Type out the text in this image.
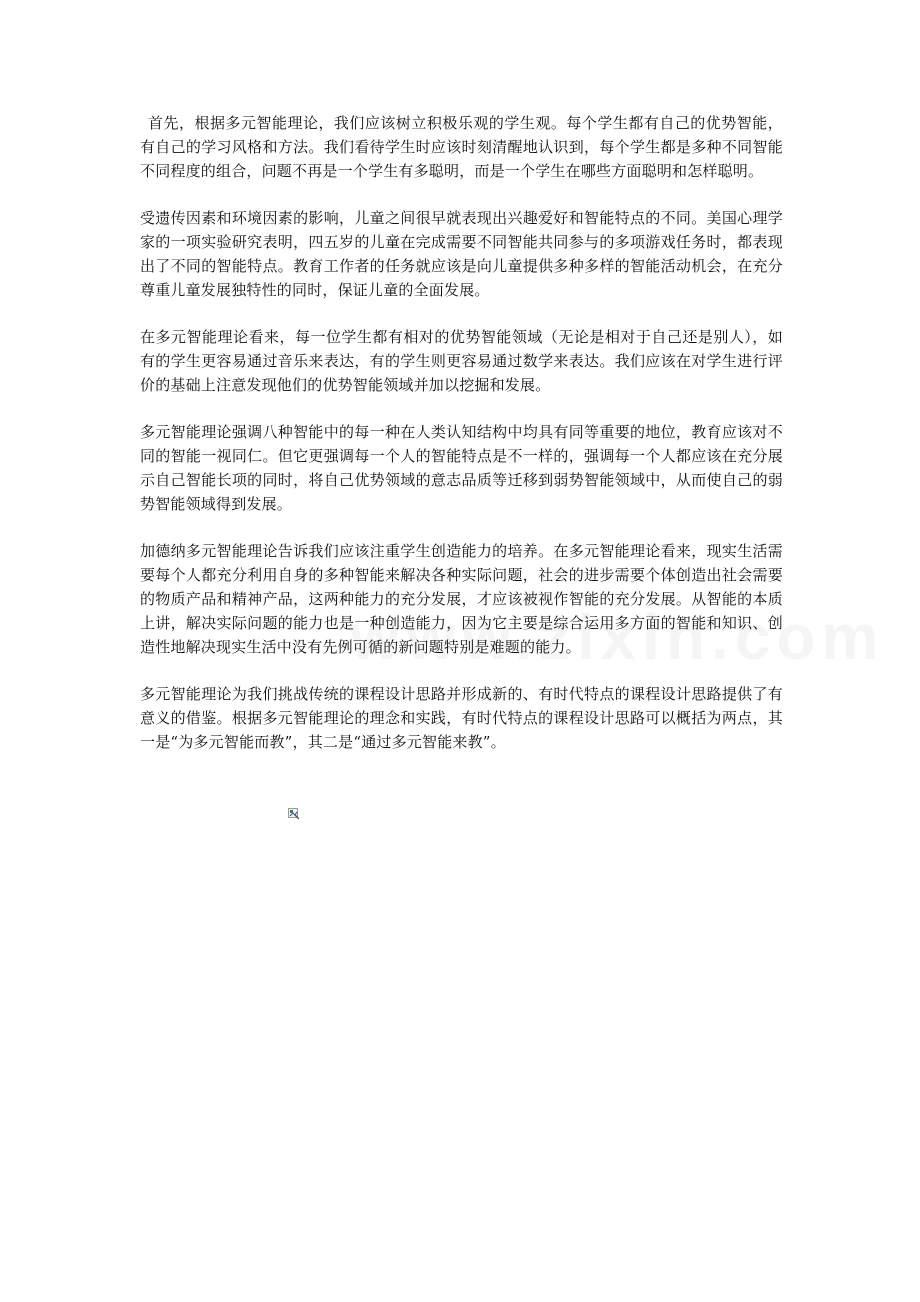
首先，根据多元智能理论，我们应该树立积极乐观的学生观。每个学生都有自己的优势智能，有自己的学习风格和方法。我们看待学生时应该时刻清醒地认识到，每个学生都是多种不同智能不同程度的组合，问题不再是一个学生有多聪明，而是一个学生在哪些方面聪明和怎样聪明。

受遗传因素和环境因素的影响，儿童之间很早就表现出兴趣爱好和智能特点的不同。美国心理学家的一项实验研究表明，四五岁的儿童在完成需要不同智能共同参与的多项游戏任务时，都表现出了不同的智能特点。教育工作者的任务就应该是向儿童提供多种多样的智能活动机会，在充分尊重儿童发展独特性的同时，保证儿童的全面发展。

在多元智能理论看来，每一位学生都有相对的优势智能领域（无论是相对于自己还是别人），如有的学生更容易通过音乐来表达，有的学生则更容易通过数学来表达。我们应该在对学生进行评价的基础上注意发现他们的优势智能领域并加以挖掘和发展。

多元智能理论强调八种智能中的每一种在人类认知结构中均具有同等重要的地位，教育应该对不同的智能一视同仁。但它更强调每一个人的智能特点是不一样的，强调每一个人都应该在充分展示自己智能长项的同时，将自己优势领域的意志品质等迁移到弱势智能领域中，从而使自己的弱势智能领域得到发展。

加德纳多元智能理论告诉我们应该注重学生创造能力的培养。在多元智能理论看来，现实生活需要每个人都充分利用自身的多种智能来解决各种实际问题，社会的进步需要个体创造出社会需要的物质产品和精神产品，这两种能力的充分发展，才应该被视作智能的充分发展。从智能的本质上讲，解决实际问题的能力也是一种创造能力，因为它主要是综合运用多方面的智能和知识、创造性地解决现实生活中没有先例可循的新问题特别是难题的能力。

多元智能理论为我们挑战传统的课程设计思路并形成新的、有时代特点的课程设计思路提供了有意义的借鉴。根据多元智能理论的理念和实践，有时代特点的课程设计思路可以概括为两点，其一是“为多元智能而教”，其二是“通过多元智能来教”。
